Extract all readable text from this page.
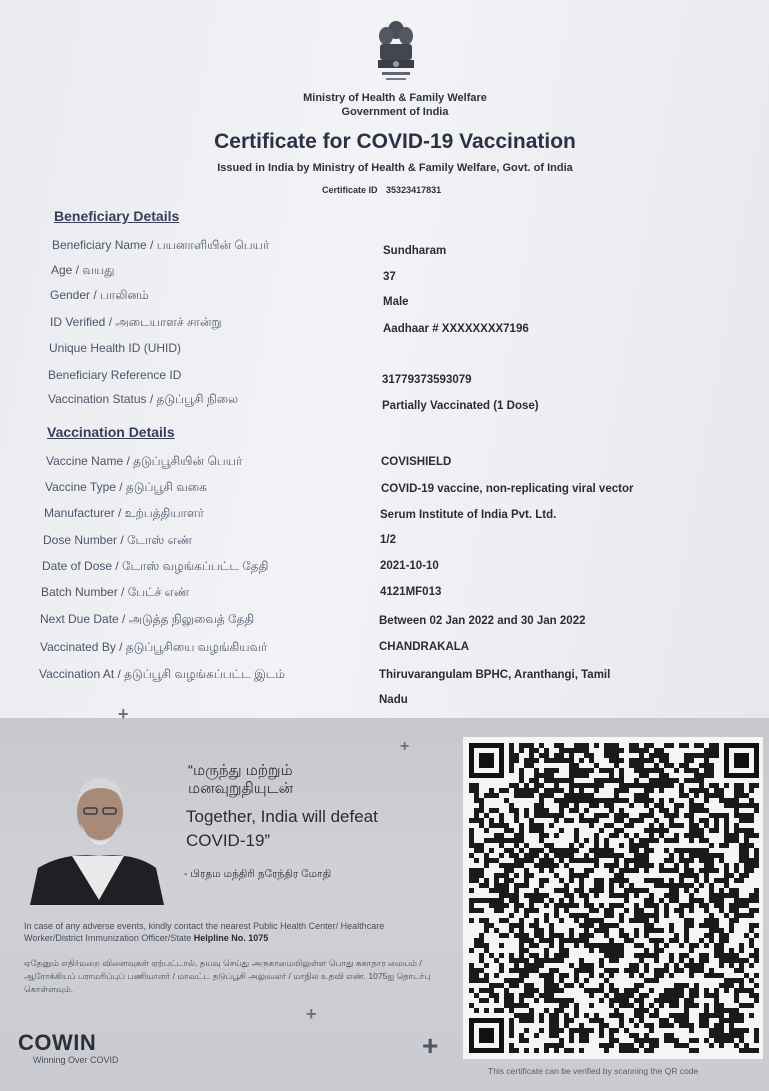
Ministry of Health & Family Welfare
Government of India
Certificate for COVID-19 Vaccination
Issued in India by Ministry of Health & Family Welfare, Govt. of India
Certificate ID 35323417831
Beneficiary Details
Beneficiary Name / பயனாளியின் பெயர்	Sundharam
Age / வயது	37
Gender / பாலினம்	Male
ID Verified / அடையாளச் சான்று	Aadhaar # XXXXXXXX7196
Unique Health ID (UHID)
Beneficiary Reference ID	31779373593079
Vaccination Status / தடுப்பூசி நிலை	Partially Vaccinated (1 Dose)
Vaccination Details
Vaccine Name / தடுப்பூசியின் பெயர்	COVISHIELD
Vaccine Type / தடுப்பூசி வகை	COVID-19 vaccine, non-replicating viral vector
Manufacturer / உற்பத்தியாளர்	Serum Institute of India Pvt. Ltd.
Dose Number / டோஸ் எண்	1/2
Date of Dose / டோஸ் வழங்கப்பட்ட தேதி	2021-10-10
Batch Number / பேட்ச் எண்	4121MF013
Next Due Date / அடுத்த நிலுவைத் தேதி	Between 02 Jan 2022 and 30 Jan 2022
Vaccinated By / தடுப்பூசியை வழங்கியவர்	CHANDRAKALA
Vaccination At / தடுப்பூசி வழங்கப்பட்ட இடம்	Thiruvarangulam BPHC, Aranthangi, Tamil
Nadu
“மருந்து மற்றும்
மனவுறுதியுடன்
Together, India will defeat
COVID-19”
- பிரதம மந்திரி நரேந்திர மோதி
In case of any adverse events, kindly contact the nearest Public Health Center/ Healthcare Worker/District Immunization Officer/State Helpline No. 1075
ஏதேனும் எதிர்மறை விளைவுகள் ஏற்பட்டால், தயவு செய்து அருகாமையிலுள்ள பொது சுகாதார மையம் / ஆரோக்கியப் பராமரிப்புப் பணியாளர் / மாவட்ட தடுப்பூசி அலுவலர் / மாநில உதவி எண். 1075ஐ தொடர்பு கொள்ளவும்.
COWIN
Winning Over COVID
+
+
+
+
This certificate can be verified by scanning the QR code
